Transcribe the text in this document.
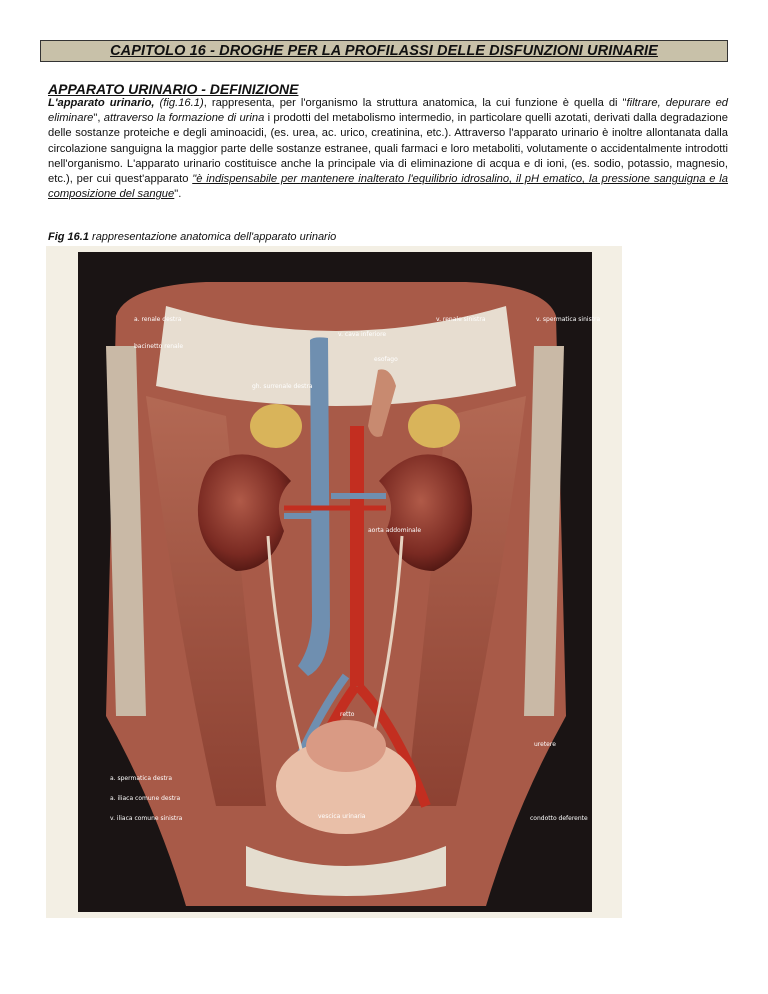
CAPITOLO 16 - DROGHE PER LA PROFILASSI DELLE DISFUNZIONI URINARIE
APPARATO URINARIO - DEFINIZIONE

L'apparato urinario, (fig.16.1), rappresenta, per l'organismo la struttura anatomica, la cui funzione è quella di "filtrare, depurare ed eliminare", attraverso la formazione di urina i prodotti del metabolismo intermedio, in particolare quelli azotati, derivati dalla degradazione delle sostanze proteiche e degli aminoacidi, (es. urea, ac. urico, creatinina, etc.). Attraverso l'apparato urinario è inoltre allontanata dalla circolazione sanguigna la maggior parte delle sostanze estranee, quali farmaci e loro metaboliti, volutamente o accidentalmente introdotti nell'organismo. L'apparato urinario costituisce anche la principale via di eliminazione di acqua e di ioni, (es. sodio, potassio, magnesio, etc.), per cui quest'apparato "è indispensabile per mantenere inalterato l'equilibrio idrosalino, il pH ematico, la pressione sanguigna e la composizione del sangue".

Fig 16.1 rappresentazione anatomica dell'apparato urinario
a. renale destra
v. cava inferiore
v. renale sinistra	v. spermatica sinistra
bacinetto renale
esofago
gh. surrenale destra
aorta addominale
retto
a. spermatica destra
a. iliaca comune destra
v. iliaca comune sinistra	vescica urinaria
uretere
condotto deferente
